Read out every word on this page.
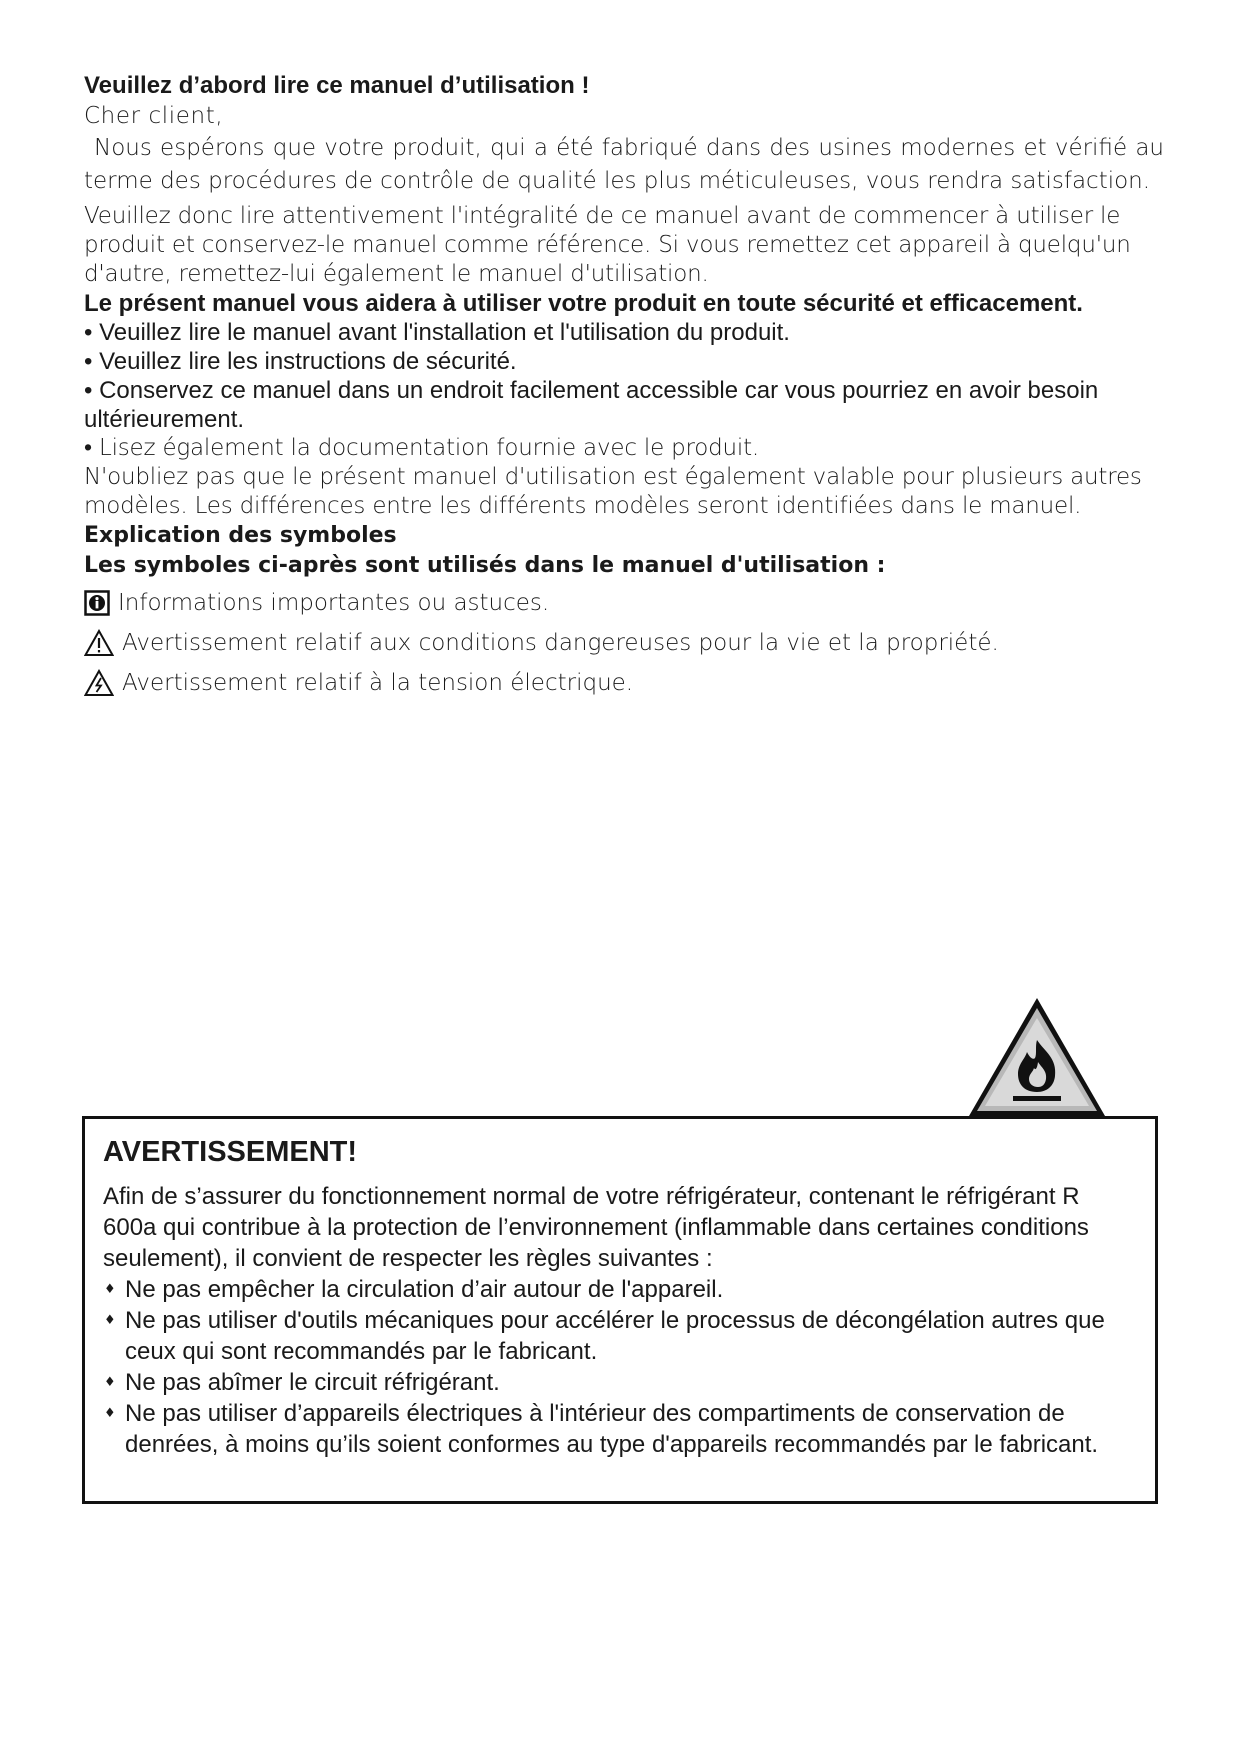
Veuillez d’abord lire ce manuel d’utilisation !

Cher client,

Nous espérons que votre produit, qui a été fabriqué dans des usines modernes et vérifié au terme des procédures de contrôle de qualité les plus méticuleuses, vous rendra satisfaction.

Veuillez donc lire attentivement l'intégralité de ce manuel avant de commencer à utiliser le produit et conservez-le manuel comme référence. Si vous remettez cet appareil à quelqu'un d'autre, remettez-lui également le manuel d'utilisation.

Le présent manuel vous aidera à utiliser votre produit en toute sécurité et efficacement.

• Veuillez lire le manuel avant l'installation et l'utilisation du produit.

• Veuillez lire les instructions de sécurité.

• Conservez ce manuel dans un endroit facilement accessible car vous pourriez en avoir besoin ultérieurement.

• Lisez également la documentation fournie avec le produit.

N'oubliez pas que le présent manuel d'utilisation est également valable pour plusieurs autres modèles. Les différences entre les différents modèles seront identifiées dans le manuel.

Explication des symboles

Les symboles ci-après sont utilisés dans le manuel d'utilisation :

Informations importantes ou astuces.
Avertissement relatif aux conditions dangereuses pour la vie et la propriété.
Avertissement relatif à la tension électrique.
AVERTISSEMENT!

Afin de s’assurer du fonctionnement normal de votre réfrigérateur, contenant le réfrigérant R 600a qui contribue à la protection de l’environnement (inflammable dans certaines conditions seulement), il convient de respecter les règles suivantes :

♦ Ne pas empêcher la circulation d’air autour de l'appareil.
♦ Ne pas utiliser d'outils mécaniques pour accélérer le processus de décongélation autres que ceux qui sont recommandés par le fabricant.
♦ Ne pas abîmer le circuit réfrigérant.
♦ Ne pas utiliser d’appareils électriques à l'intérieur des compartiments de conservation de denrées, à moins qu’ils soient conformes au type d'appareils recommandés par le fabricant.
